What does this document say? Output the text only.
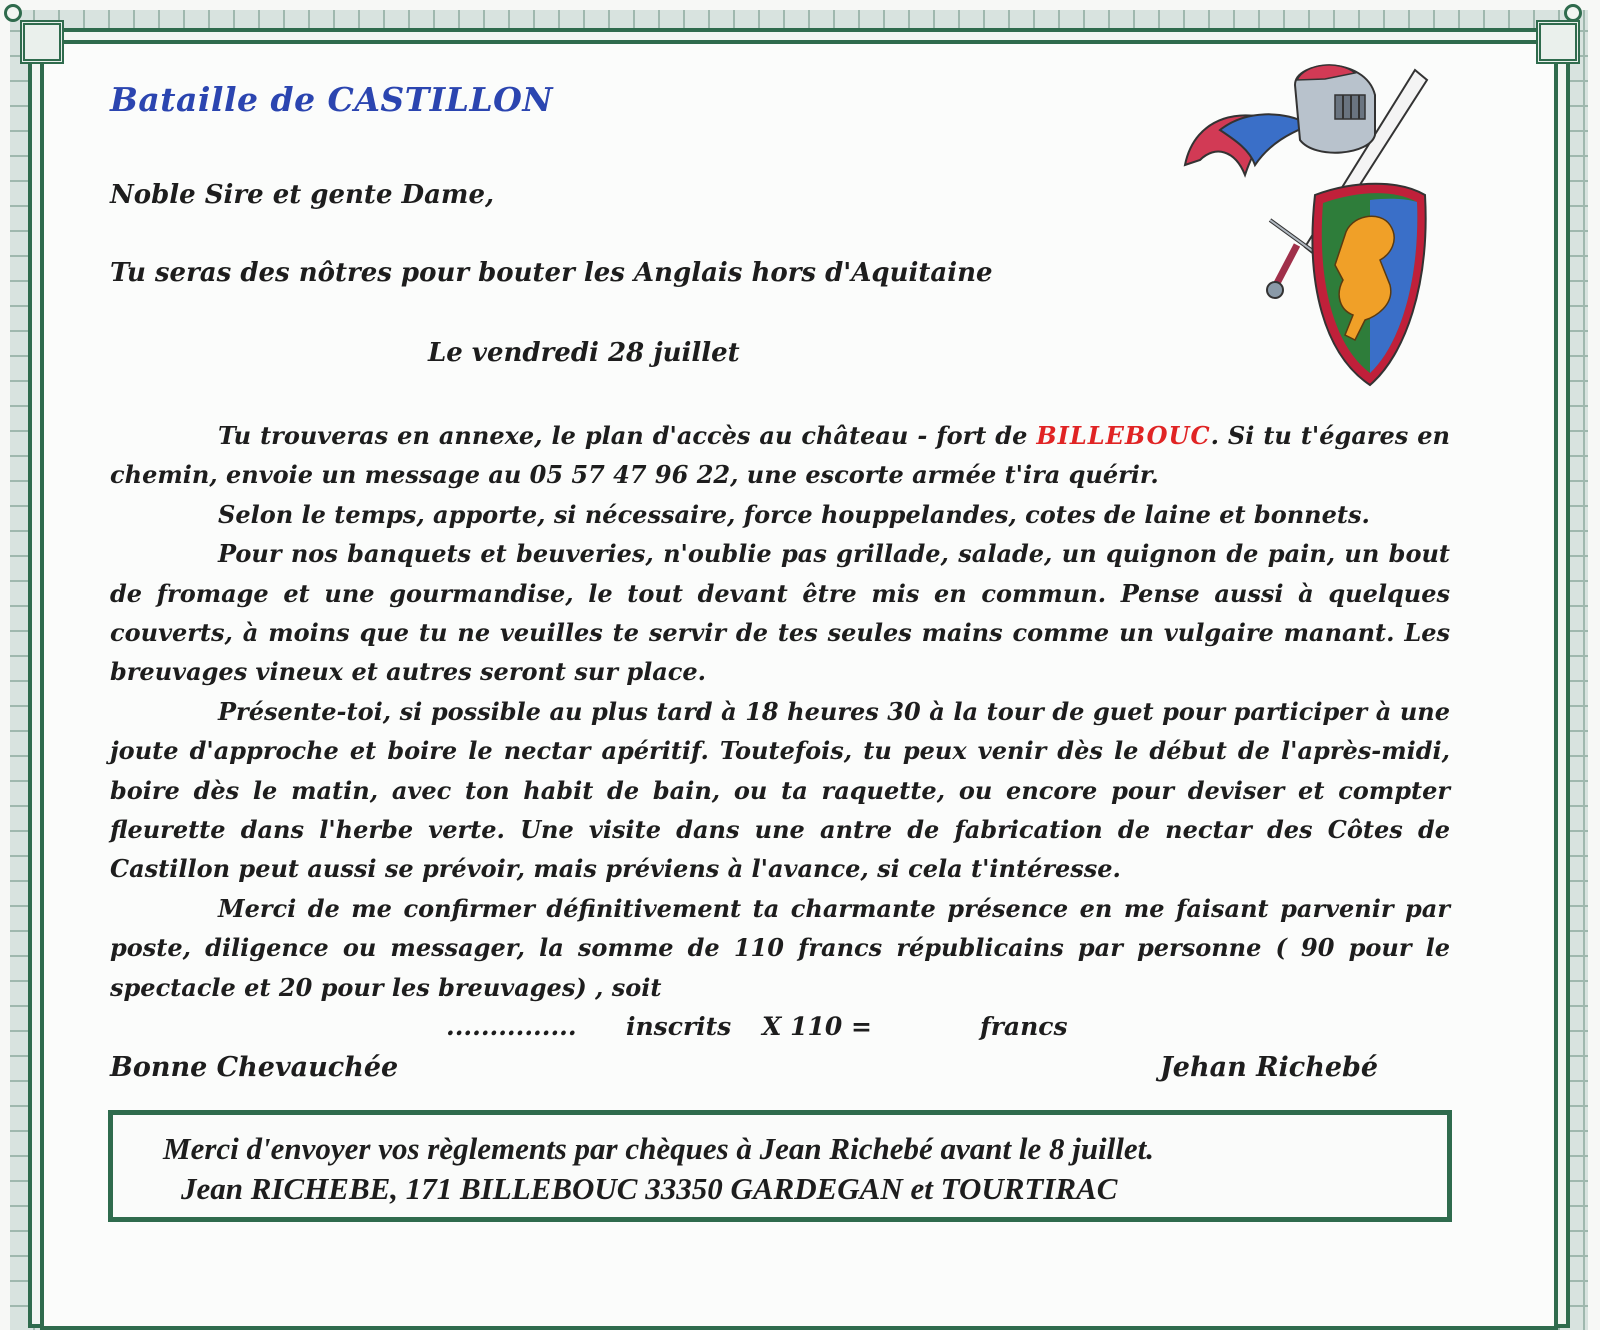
Bataille de CASTILLON
Noble Sire et gente Dame,
Tu seras des nôtres pour bouter les Anglais hors d'Aquitaine
Le vendredi 28 juillet

Tu trouveras en annexe, le plan d'accès au château - fort de BILLEBOUC. Si tu t'égares en chemin, envoie un message au 05 57 47 96 22, une escorte armée t'ira quérir.

Selon le temps, apporte, si nécessaire, force houppelandes, cotes de laine et bonnets.

Pour nos banquets et beuveries, n'oublie pas grillade, salade, un quignon de pain, un bout de fromage et une gourmandise, le tout devant être mis en commun. Pense aussi à quelques couverts, à moins que tu ne veuilles te servir de tes seules mains comme un vulgaire manant. Les breuvages vineux et autres seront sur place.

Présente-toi, si possible au plus tard à 18 heures 30 à la tour de guet pour participer à une joute d'approche et boire le nectar apéritif. Toutefois, tu peux venir dès le début de l'après-midi, boire dès le matin, avec ton habit de bain, ou ta raquette, ou encore pour deviser et compter fleurette dans l'herbe verte. Une visite dans une antre de fabrication de nectar des Côtes de Castillon peut aussi se prévoir, mais préviens à l'avance, si cela t'intéresse.

Merci de me confirmer définitivement ta charmante présence en me faisant parvenir par poste, diligence ou messager, la somme de 110 francs républicains par personne ( 90 pour le spectacle et 20 pour les breuvages) , soit

............... inscrits X 110 =	francs
Bonne Chevauchée	Jehan Richebé
Merci d'envoyer vos règlements par chèques à Jean Richebé avant le 8 juillet.
Jean RICHEBE, 171 BILLEBOUC 33350 GARDEGAN et TOURTIRAC
